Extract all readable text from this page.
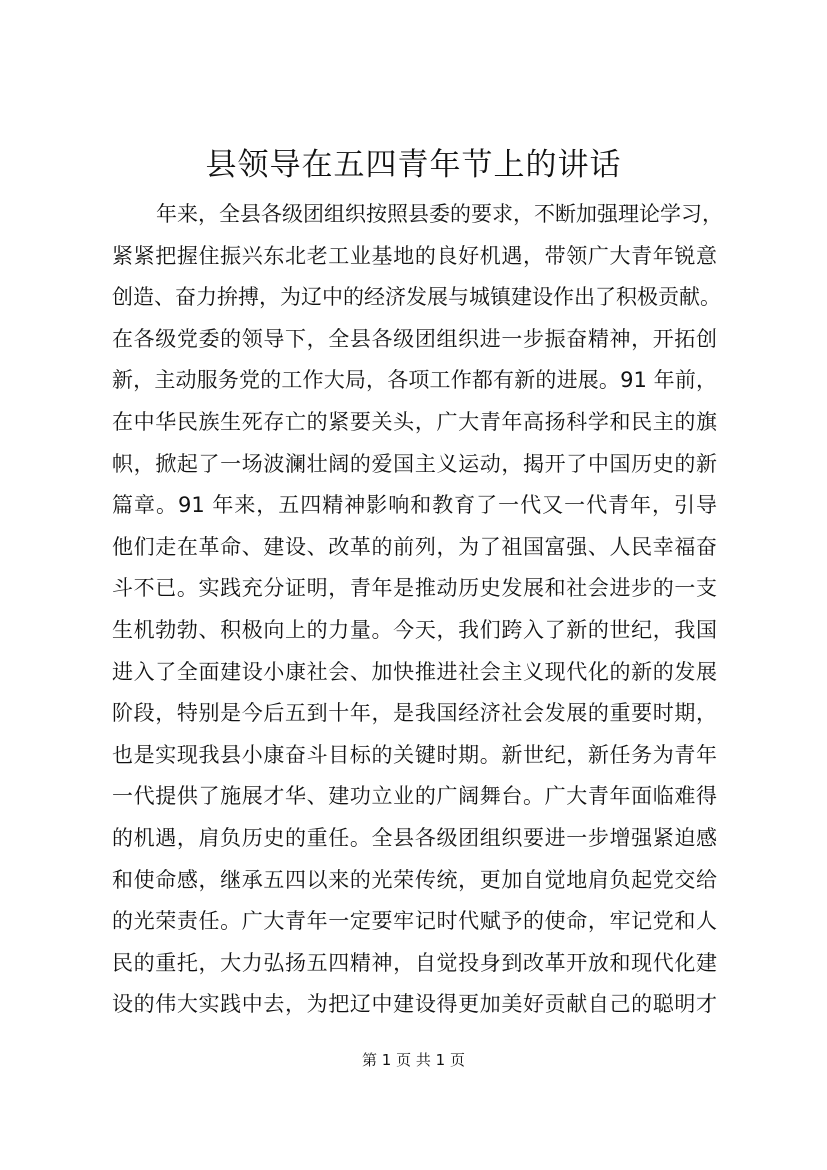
县领导在五四青年节上的讲话
年来，全县各级团组织按照县委的要求，不断加强理论学习，
紧紧把握住振兴东北老工业基地的良好机遇，带领广大青年锐意
创造、奋力拚搏，为辽中的经济发展与城镇建设作出了积极贡献。
在各级党委的领导下，全县各级团组织进一步振奋精神，开拓创
新，主动服务党的工作大局，各项工作都有新的进展。91 年前，
在中华民族生死存亡的紧要关头，广大青年高扬科学和民主的旗
帜，掀起了一场波澜壮阔的爱国主义运动，揭开了中国历史的新
篇章。91 年来，五四精神影响和教育了一代又一代青年，引导
他们走在革命、建设、改革的前列，为了祖国富强、人民幸福奋
斗不已。实践充分证明，青年是推动历史发展和社会进步的一支
生机勃勃、积极向上的力量。今天，我们跨入了新的世纪，我国
进入了全面建设小康社会、加快推进社会主义现代化的新的发展
阶段，特别是今后五到十年，是我国经济社会发展的重要时期，
也是实现我县小康奋斗目标的关键时期。新世纪，新任务为青年
一代提供了施展才华、建功立业的广阔舞台。广大青年面临难得
的机遇，肩负历史的重任。全县各级团组织要进一步增强紧迫感
和使命感，继承五四以来的光荣传统，更加自觉地肩负起党交给
的光荣责任。广大青年一定要牢记时代赋予的使命，牢记党和人
民的重托，大力弘扬五四精神，自觉投身到改革开放和现代化建
设的伟大实践中去，为把辽中建设得更加美好贡献自己的聪明才
第 1 页 共 1 页
